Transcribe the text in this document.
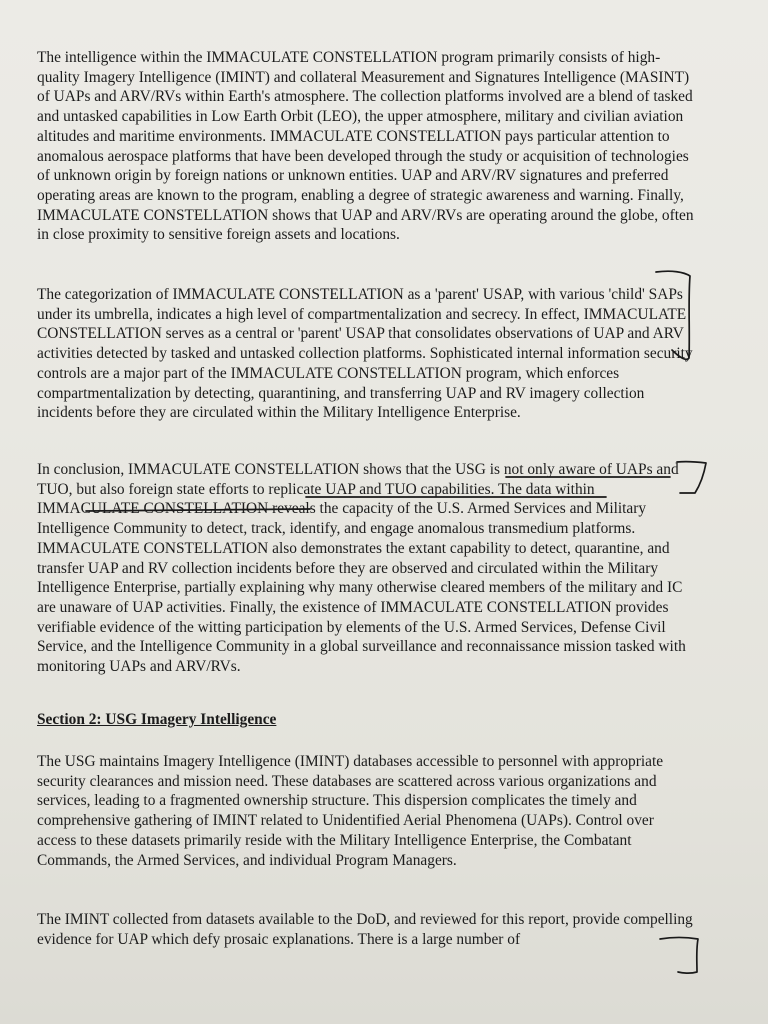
The intelligence within the IMMACULATE CONSTELLATION program primarily consists of high-quality Imagery Intelligence (IMINT) and collateral Measurement and Signatures Intelligence (MASINT) of UAPs and ARV/RVs within Earth's atmosphere. The collection platforms involved are a blend of tasked and untasked capabilities in Low Earth Orbit (LEO), the upper atmosphere, military and civilian aviation altitudes and maritime environments. IMMACULATE CONSTELLATION pays particular attention to anomalous aerospace platforms that have been developed through the study or acquisition of technologies of unknown origin by foreign nations or unknown entities. UAP and ARV/RV signatures and preferred operating areas are known to the program, enabling a degree of strategic awareness and warning. Finally, IMMACULATE CONSTELLATION shows that UAP and ARV/RVs are operating around the globe, often in close proximity to sensitive foreign assets and locations.

The categorization of IMMACULATE CONSTELLATION as a 'parent' USAP, with various 'child' SAPs under its umbrella, indicates a high level of compartmentalization and secrecy. In effect, IMMACULATE CONSTELLATION serves as a central or 'parent' USAP that consolidates observations of UAP and ARV activities detected by tasked and untasked collection platforms. Sophisticated internal information security controls are a major part of the IMMACULATE CONSTELLATION program, which enforces compartmentalization by detecting, quarantining, and transferring UAP and RV imagery collection incidents before they are circulated within the Military Intelligence Enterprise.

In conclusion, IMMACULATE CONSTELLATION shows that the USG is not only aware of UAPs and TUO, but also foreign state efforts to replicate UAP and TUO capabilities. The data within IMMACULATE CONSTELLATION reveals the capacity of the U.S. Armed Services and Military Intelligence Community to detect, track, identify, and engage anomalous transmedium platforms. IMMACULATE CONSTELLATION also demonstrates the extant capability to detect, quarantine, and transfer UAP and RV collection incidents before they are observed and circulated within the Military Intelligence Enterprise, partially explaining why many otherwise cleared members of the military and IC are unaware of UAP activities. Finally, the existence of IMMACULATE CONSTELLATION provides verifiable evidence of the witting participation by elements of the U.S. Armed Services, Defense Civil Service, and the Intelligence Community in a global surveillance and reconnaissance mission tasked with monitoring UAPs and ARV/RVs.

Section 2: USG Imagery Intelligence

The USG maintains Imagery Intelligence (IMINT) databases accessible to personnel with appropriate security clearances and mission need. These databases are scattered across various organizations and services, leading to a fragmented ownership structure. This dispersion complicates the timely and comprehensive gathering of IMINT related to Unidentified Aerial Phenomena (UAPs). Control over access to these datasets primarily reside with the Military Intelligence Enterprise, the Combatant Commands, the Armed Services, and individual Program Managers.

The IMINT collected from datasets available to the DoD, and reviewed for this report, provide compelling evidence for UAP which defy prosaic explanations. There is a large number of
